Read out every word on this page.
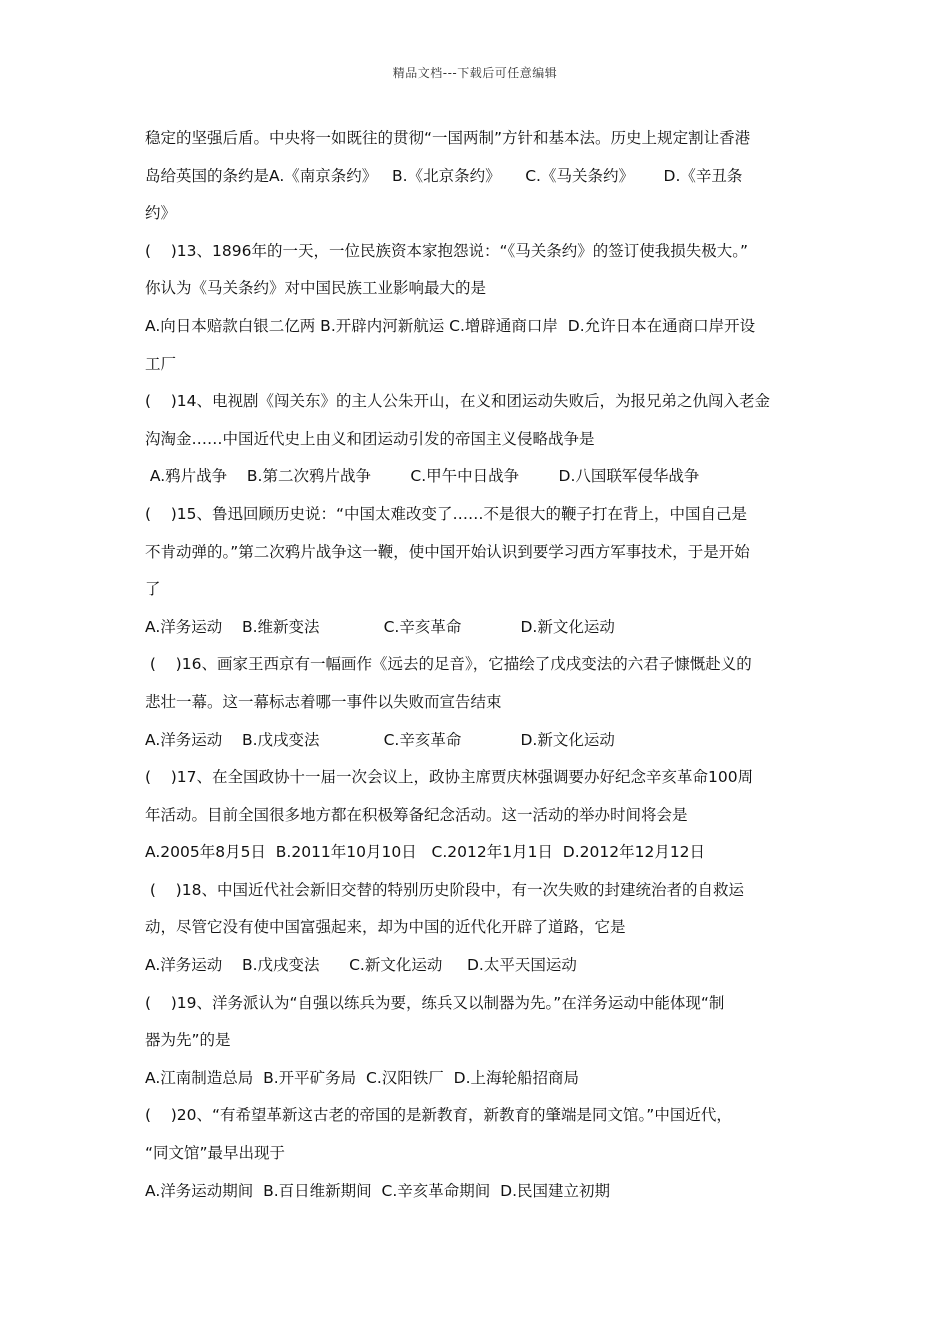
精品文档---下载后可任意编辑
稳定的坚强后盾。中央将一如既往的贯彻“一国两制”方针和基本法。历史上规定割让香港
岛给英国的条约是A.《南京条约》   B.《北京条约》     C.《马关条约》      D.《辛丑条
约》
(    )13、1896年的一天，一位民族资本家抱怨说：“《马关条约》的签订使我损失极大。”
你认为《马关条约》对中国民族工业影响最大的是
A.向日本赔款白银二亿两 B.开辟内河新航运 C.增辟通商口岸  D.允许日本在通商口岸开设
工厂
(    )14、电视剧《闯关东》的主人公朱开山，在义和团运动失败后，为报兄弟之仇闯入老金
沟淘金……中国近代史上由义和团运动引发的帝国主义侵略战争是
A.鸦片战争    B.第二次鸦片战争        C.甲午中日战争        D.八国联军侵华战争
(    )15、鲁迅回顾历史说：“中国太难改变了……不是很大的鞭子打在背上，中国自己是
不肯动弹的。”第二次鸦片战争这一鞭，使中国开始认识到要学习西方军事技术，于是开始
了
A.洋务运动    B.维新变法             C.辛亥革命            D.新文化运动
(    )16、画家王西京有一幅画作《远去的足音》，它描绘了戊戌变法的六君子慷慨赴义的
悲壮一幕。这一幕标志着哪一事件以失败而宣告结束
A.洋务运动    B.戊戌变法             C.辛亥革命            D.新文化运动
(    )17、在全国政协十一届一次会议上，政协主席贾庆林强调要办好纪念辛亥革命100周
年活动。目前全国很多地方都在积极筹备纪念活动。这一活动的举办时间将会是
A.2005年8月5日  B.2011年10月10日   C.2012年1月1日  D.2012年12月12日
(    )18、中国近代社会新旧交替的特别历史阶段中，有一次失败的封建统治者的自救运
动，尽管它没有使中国富强起来，却为中国的近代化开辟了道路，它是
A.洋务运动    B.戊戌变法      C.新文化运动     D.太平天国运动
(    )19、洋务派认为“自强以练兵为要，练兵又以制器为先。”在洋务运动中能体现“制
器为先”的是
A.江南制造总局  B.开平矿务局  C.汉阳铁厂  D.上海轮船招商局
(    )20、“有希望革新这古老的帝国的是新教育，新教育的肇端是同文馆。”中国近代，
“同文馆”最早出现于
A.洋务运动期间  B.百日维新期间  C.辛亥革命期间  D.民国建立初期
